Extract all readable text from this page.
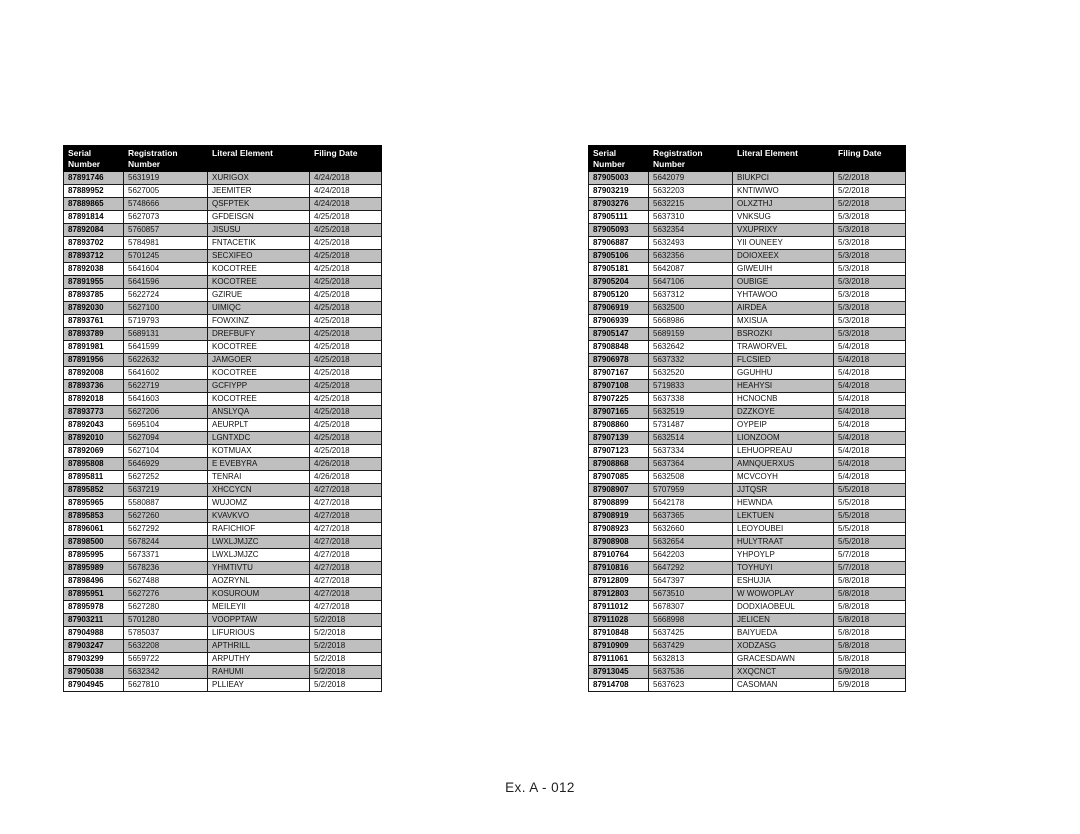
Serial Number	Registration Number	Literal Element	Filing Date
87891746	5631919	XURIGOX	4/24/2018
87889952	5627005	JEEMITER	4/24/2018
87889865	5748666	QSFPTEK	4/24/2018
87891814	5627073	GFDEISGN	4/25/2018
87892084	5760857	JISUSU	4/25/2018
87893702	5784981	FNTACETIK	4/25/2018
87893712	5701245	SECXIFEO	4/25/2018
87892038	5641604	KOCOTREE	4/25/2018
87891955	5641596	KOCOTREE	4/25/2018
87893785	5622724	GZIRUE	4/25/2018
87892030	5627100	UIMIQC	4/25/2018
87893761	5719793	FOWXINZ	4/25/2018
87893789	5689131	DREFBUFY	4/25/2018
87891981	5641599	KOCOTREE	4/25/2018
87891956	5622632	JAMGOER	4/25/2018
87892008	5641602	KOCOTREE	4/25/2018
87893736	5622719	GCFIYPP	4/25/2018
87892018	5641603	KOCOTREE	4/25/2018
87893773	5627206	ANSLYQA	4/25/2018
87892043	5695104	AEURPLT	4/25/2018
87892010	5627094	LGNTXDC	4/25/2018
87892069	5627104	KOTMUAX	4/25/2018
87895808	5646929	E EVEBYRA	4/26/2018
87895811	5627252	TENRAI	4/26/2018
87895852	5637219	XHCCYCN	4/27/2018
87895965	5580887	WUJOMZ	4/27/2018
87895853	5627260	KVAVKVO	4/27/2018
87896061	5627292	RAFICHIOF	4/27/2018
87898500	5678244	LWXLJMJZC	4/27/2018
87895995	5673371	LWXLJMJZC	4/27/2018
87895989	5678236	YHMTIVTU	4/27/2018
87898496	5627488	AOZRYNL	4/27/2018
87895951	5627276	KOSUROUM	4/27/2018
87895978	5627280	MEILEYII	4/27/2018
87903211	5701280	VOOPPTAW	5/2/2018
87904988	5785037	LIFURIOUS	5/2/2018
87903247	5632208	APTHRILL	5/2/2018
87903299	5659722	ARPUTHY	5/2/2018
87905038	5632342	RAHUMI	5/2/2018
87904945	5627810	PLLIEAY	5/2/2018
Serial Number	Registration Number	Literal Element	Filing Date
87905003	5642079	BIUKPCI	5/2/2018
87903219	5632203	KNTIWIWO	5/2/2018
87903276	5632215	OLXZTHJ	5/2/2018
87905111	5637310	VNKSUG	5/3/2018
87905093	5632354	VXUPRIXY	5/3/2018
87906887	5632493	YII OUNEEY	5/3/2018
87905106	5632356	DOIOXEEX	5/3/2018
87905181	5642087	GIWEUIH	5/3/2018
87905204	5647106	OUBIGE	5/3/2018
87905120	5637312	YHTAWOO	5/3/2018
87906919	5632500	AIRDEA	5/3/2018
87906939	5668986	MXISUA	5/3/2018
87905147	5689159	BSROZKI	5/3/2018
87908848	5632642	TRAWORVEL	5/4/2018
87906978	5637332	FLCSIED	5/4/2018
87907167	5632520	GGUHHU	5/4/2018
87907108	5719833	HEAHYSI	5/4/2018
87907225	5637338	HCNOCNB	5/4/2018
87907165	5632519	DZZKOYE	5/4/2018
87908860	5731487	OYPEIP	5/4/2018
87907139	5632514	LIONZOOM	5/4/2018
87907123	5637334	LEHUOPREAU	5/4/2018
87908868	5637364	AMNQUERXUS	5/4/2018
87907085	5632508	MCVCOYH	5/4/2018
87908907	5707959	JJTQSR	5/5/2018
87908899	5642178	HEWNDA	5/5/2018
87908919	5637365	LEKTUEN	5/5/2018
87908923	5632660	LEOYOUBEI	5/5/2018
87908908	5632654	HULYTRAAT	5/5/2018
87910764	5642203	YHPOYLP	5/7/2018
87910816	5647292	TOYHUYI	5/7/2018
87912809	5647397	ESHUJIA	5/8/2018
87912803	5673510	W WOWOPLAY	5/8/2018
87911012	5678307	DODXIAOBEUL	5/8/2018
87911028	5668998	JELICEN	5/8/2018
87910848	5637425	BAIYUEDA	5/8/2018
87910909	5637429	XODZASG	5/8/2018
87911061	5632813	GRACESDAWN	5/8/2018
87913045	5637536	XXQCNCT	5/9/2018
87914708	5637623	CASOMAN	5/9/2018
Ex. A - 012
